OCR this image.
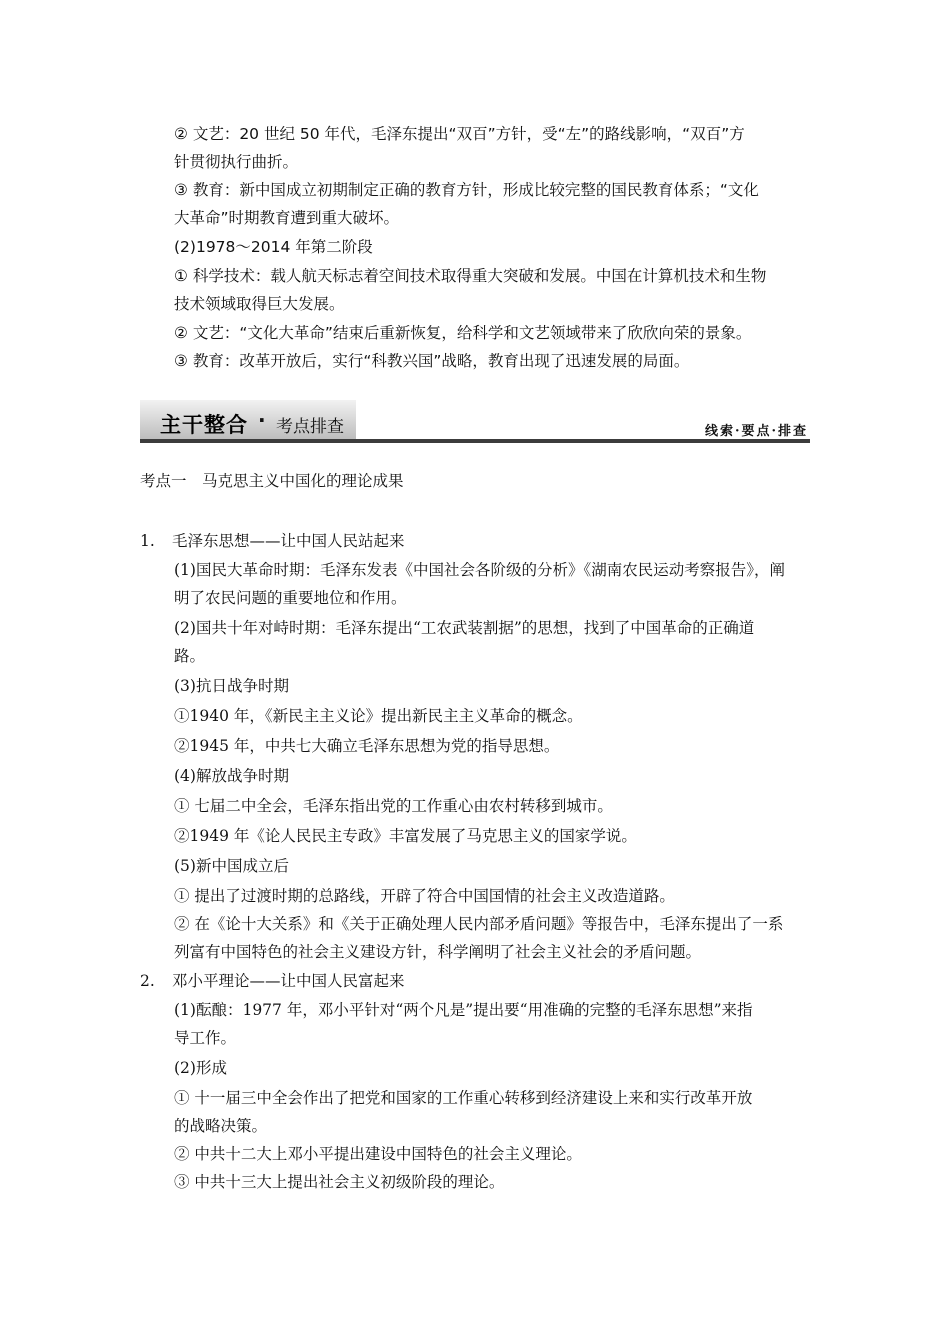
② 文艺：20 世纪 50 年代，毛泽东提出“双百”方针，受“左”的路线影响，“双百”方
针贯彻执行曲折。
③ 教育：新中国成立初期制定正确的教育方针，形成比较完整的国民教育体系；“文化
大革命”时期教育遭到重大破坏。
(2)1978～2014 年第二阶段
① 科学技术：载人航天标志着空间技术取得重大突破和发展。中国在计算机技术和生物
技术领域取得巨大发展。
② 文艺：“文化大革命”结束后重新恢复，给科学和文艺领域带来了欣欣向荣的景象。
③ 教育：改革开放后，实行“科教兴国”战略，教育出现了迅速发展的局面。
主干整合 · 考点排查	线索·要点·排查
考点一　马克思主义中国化的理论成果
1. 毛泽东思想——让中国人民站起来
(1)国民大革命时期：毛泽东发表《中国社会各阶级的分析》《湖南农民运动考察报告》，阐
明了农民问题的重要地位和作用。
(2)国共十年对峙时期：毛泽东提出“工农武装割据”的思想，找到了中国革命的正确道
路。
(3)抗日战争时期
①1940 年，《新民主主义论》提出新民主主义革命的概念。
②1945 年，中共七大确立毛泽东思想为党的指导思想。
(4)解放战争时期
① 七届二中全会，毛泽东指出党的工作重心由农村转移到城市。
②1949 年《论人民民主专政》丰富发展了马克思主义的国家学说。
(5)新中国成立后
① 提出了过渡时期的总路线，开辟了符合中国国情的社会主义改造道路。
② 在《论十大关系》和《关于正确处理人民内部矛盾问题》等报告中，毛泽东提出了一系
列富有中国特色的社会主义建设方针，科学阐明了社会主义社会的矛盾问题。
2. 邓小平理论——让中国人民富起来
(1)酝酿：1977 年，邓小平针对“两个凡是”提出要“用准确的完整的毛泽东思想”来指
导工作。
(2)形成
① 十一届三中全会作出了把党和国家的工作重心转移到经济建设上来和实行改革开放
的战略决策。
② 中共十二大上邓小平提出建设中国特色的社会主义理论。
③ 中共十三大上提出社会主义初级阶段的理论。
